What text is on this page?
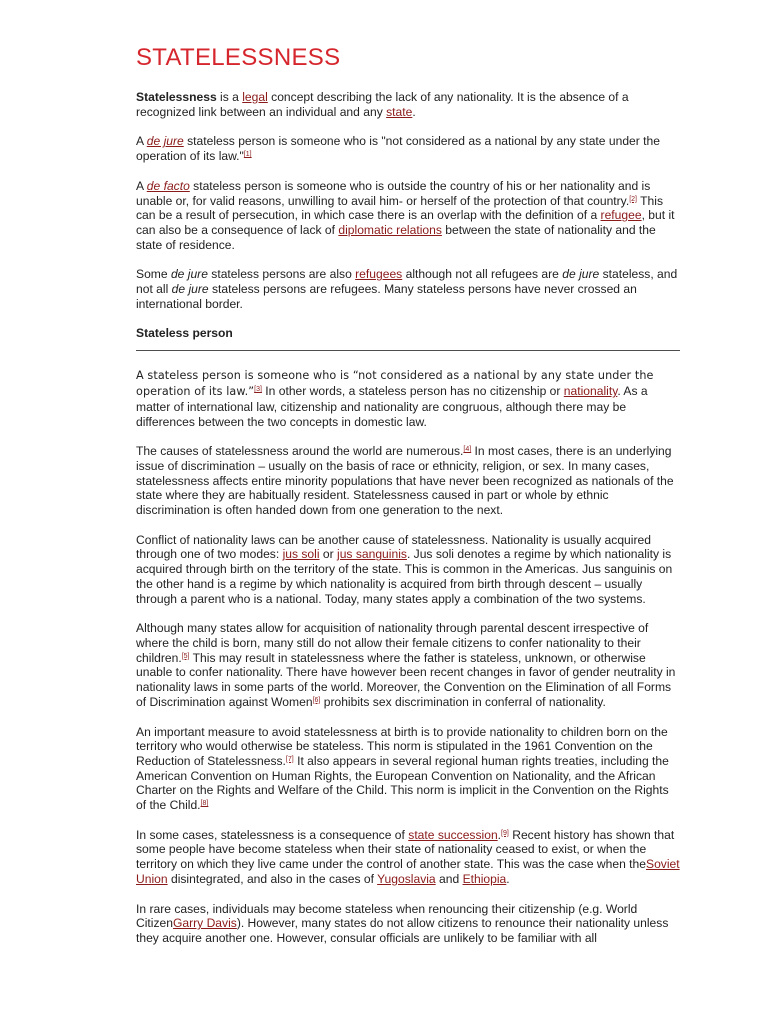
STATELESSNESS

Statelessness is a legal concept describing the lack of any nationality. It is the absence of a recognized link between an individual and any state.

A de jure stateless person is someone who is "not considered as a national by any state under the operation of its law."[1]

A de facto stateless person is someone who is outside the country of his or her nationality and is unable or, for valid reasons, unwilling to avail him- or herself of the protection of that country.[2] This can be a result of persecution, in which case there is an overlap with the definition of a refugee, but it can also be a consequence of lack of diplomatic relations between the state of nationality and the state of residence.

Some de jure stateless persons are also refugees although not all refugees are de jure stateless, and not all de jure stateless persons are refugees. Many stateless persons have never crossed an international border.

Stateless person

A stateless person is someone who is “not considered as a national by any state under the operation of its law.”[3] In other words, a stateless person has no citizenship or nationality. As a matter of international law, citizenship and nationality are congruous, although there may be differences between the two concepts in domestic law.

The causes of statelessness around the world are numerous.[4] In most cases, there is an underlying issue of discrimination – usually on the basis of race or ethnicity, religion, or sex. In many cases, statelessness affects entire minority populations that have never been recognized as nationals of the state where they are habitually resident. Statelessness caused in part or whole by ethnic discrimination is often handed down from one generation to the next.

Conflict of nationality laws can be another cause of statelessness. Nationality is usually acquired through one of two modes: jus soli or jus sanguinis. Jus soli denotes a regime by which nationality is acquired through birth on the territory of the state. This is common in the Americas. Jus sanguinis on the other hand is a regime by which nationality is acquired from birth through descent – usually through a parent who is a national. Today, many states apply a combination of the two systems.

Although many states allow for acquisition of nationality through parental descent irrespective of where the child is born, many still do not allow their female citizens to confer nationality to their children.[5] This may result in statelessness where the father is stateless, unknown, or otherwise unable to confer nationality. There have however been recent changes in favor of gender neutrality in nationality laws in some parts of the world. Moreover, the Convention on the Elimination of all Forms of Discrimination against Women[6] prohibits sex discrimination in conferral of nationality.

An important measure to avoid statelessness at birth is to provide nationality to children born on the territory who would otherwise be stateless. This norm is stipulated in the 1961 Convention on the Reduction of Statelessness.[7] It also appears in several regional human rights treaties, including the American Convention on Human Rights, the European Convention on Nationality, and the African Charter on the Rights and Welfare of the Child. This norm is implicit in the Convention on the Rights of the Child.[8]

In some cases, statelessness is a consequence of state succession.[9] Recent history has shown that some people have become stateless when their state of nationality ceased to exist, or when the territory on which they live came under the control of another state. This was the case when theSoviet Union disintegrated, and also in the cases of Yugoslavia and Ethiopia.

In rare cases, individuals may become stateless when renouncing their citizenship (e.g. World CitizenGarry Davis). However, many states do not allow citizens to renounce their nationality unless they acquire another one. However, consular officials are unlikely to be familiar with all
